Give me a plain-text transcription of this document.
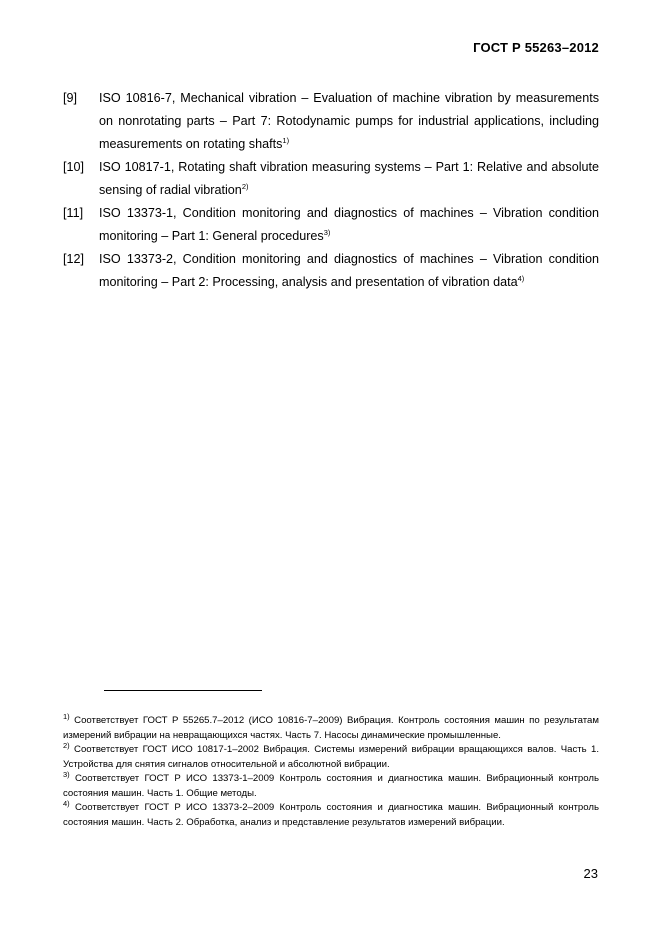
ГОСТ Р 55263–2012
[9] ISO 10816-7, Mechanical vibration – Evaluation of machine vibration by measurements on nonrotating parts – Part 7: Rotodynamic pumps for industrial applications, including measurements on rotating shafts$^{1)}$
[10] ISO 10817-1, Rotating shaft vibration measuring systems – Part 1: Relative and absolute sensing of radial vibration$^{2)}$
[11] ISO 13373-1, Condition monitoring and diagnostics of machines – Vibration condition monitoring – Part 1: General procedures$^{3)}$
[12] ISO 13373-2, Condition monitoring and diagnostics of machines – Vibration condition monitoring – Part 2: Processing, analysis and presentation of vibration data$^{4)}$
$^{1)}$ Соответствует ГОСТ Р 55265.7–2012 (ИСО 10816-7–2009) Вибрация. Контроль состояния машин по результатам измерений вибрации на невращающихся частях. Часть 7. Насосы динамические промышленные.
$^{2)}$ Соответствует ГОСТ ИСО 10817-1–2002 Вибрация. Системы измерений вибрации вращающихся валов. Часть 1. Устройства для снятия сигналов относительной и абсолютной вибрации.
$^{3)}$ Соответствует ГОСТ Р ИСО 13373-1–2009 Контроль состояния и диагностика машин. Вибрационный контроль состояния машин. Часть 1. Общие методы.
$^{4)}$ Соответствует ГОСТ Р ИСО 13373-2–2009 Контроль состояния и диагностика машин. Вибрационный контроль состояния машин. Часть 2. Обработка, анализ и представление результатов измерений вибрации.
23
